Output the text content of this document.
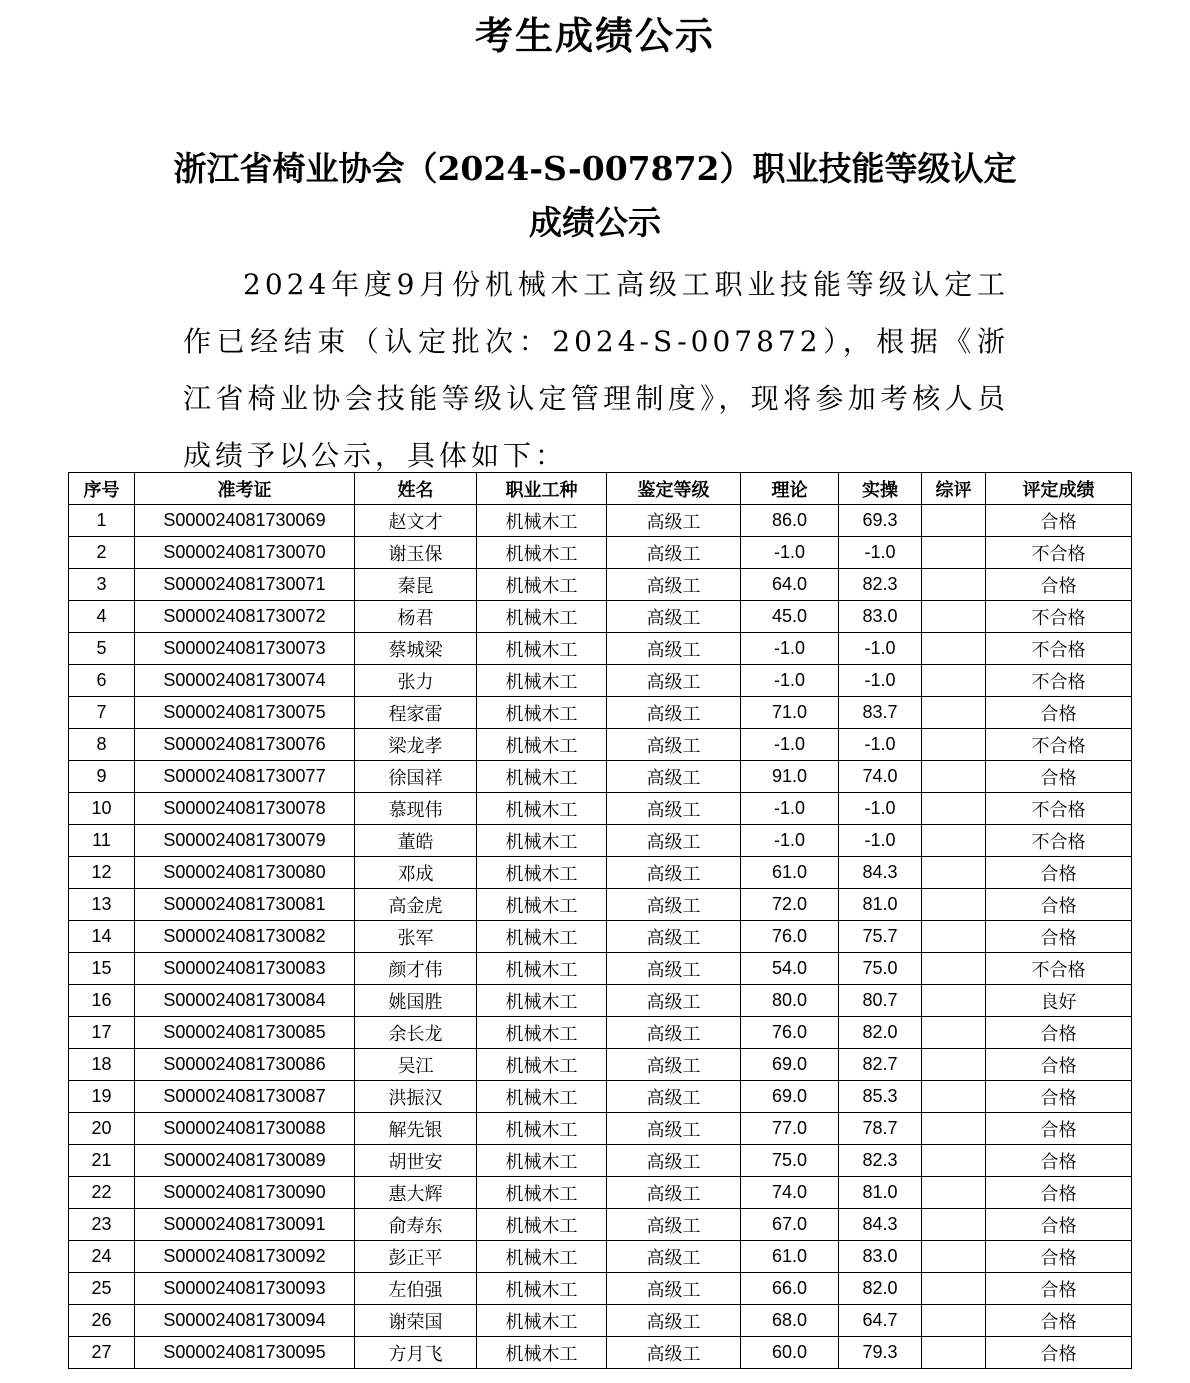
考生成绩公示
浙江省椅业协会（2024-S-007872）职业技能等级认定
成绩公示

2024年度9月份机械木工高级工职业技能等级认定工作已经结束（认定批次：2024-S-007872），根据《浙江省椅业协会技能等级认定管理制度》，现将参加考核人员成绩予以公示，具体如下：

序号	准考证	姓名	职业工种	鉴定等级	理论	实操	综评	评定成绩
1	S000024081730069	赵文才	机械木工	高级工	86.0	69.3		合格
2	S000024081730070	谢玉保	机械木工	高级工	-1.0	-1.0		不合格
3	S000024081730071	秦昆	机械木工	高级工	64.0	82.3		合格
4	S000024081730072	杨君	机械木工	高级工	45.0	83.0		不合格
5	S000024081730073	蔡城梁	机械木工	高级工	-1.0	-1.0		不合格
6	S000024081730074	张力	机械木工	高级工	-1.0	-1.0		不合格
7	S000024081730075	程家雷	机械木工	高级工	71.0	83.7		合格
8	S000024081730076	梁龙孝	机械木工	高级工	-1.0	-1.0		不合格
9	S000024081730077	徐国祥	机械木工	高级工	91.0	74.0		合格
10	S000024081730078	慕现伟	机械木工	高级工	-1.0	-1.0		不合格
11	S000024081730079	董皓	机械木工	高级工	-1.0	-1.0		不合格
12	S000024081730080	邓成	机械木工	高级工	61.0	84.3		合格
13	S000024081730081	高金虎	机械木工	高级工	72.0	81.0		合格
14	S000024081730082	张军	机械木工	高级工	76.0	75.7		合格
15	S000024081730083	颜才伟	机械木工	高级工	54.0	75.0		不合格
16	S000024081730084	姚国胜	机械木工	高级工	80.0	80.7		良好
17	S000024081730085	余长龙	机械木工	高级工	76.0	82.0		合格
18	S000024081730086	吴江	机械木工	高级工	69.0	82.7		合格
19	S000024081730087	洪振汉	机械木工	高级工	69.0	85.3		合格
20	S000024081730088	解先银	机械木工	高级工	77.0	78.7		合格
21	S000024081730089	胡世安	机械木工	高级工	75.0	82.3		合格
22	S000024081730090	惠大辉	机械木工	高级工	74.0	81.0		合格
23	S000024081730091	俞寿东	机械木工	高级工	67.0	84.3		合格
24	S000024081730092	彭正平	机械木工	高级工	61.0	83.0		合格
25	S000024081730093	左伯强	机械木工	高级工	66.0	82.0		合格
26	S000024081730094	谢荣国	机械木工	高级工	68.0	64.7		合格
27	S000024081730095	方月飞	机械木工	高级工	60.0	79.3		合格
